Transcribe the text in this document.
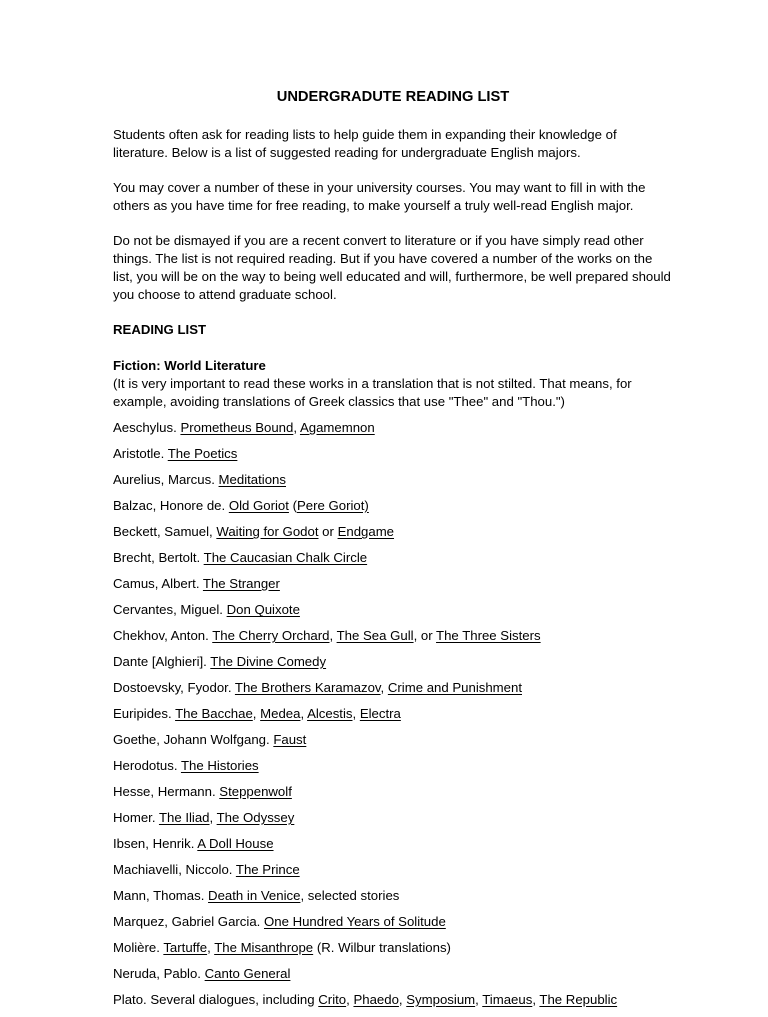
UNDERGRADUTE READING LIST
Students often ask for reading lists to help guide them in expanding their knowledge of literature. Below is a list of suggested reading for undergraduate English majors.
You may cover a number of these in your university courses. You may want to fill in with the others as you have time for free reading, to make yourself a truly well-read English major.
Do not be dismayed if you are a recent convert to literature or if you have simply read other things. The list is not required reading. But if you have covered a number of the works on the list, you will be on the way to being well educated and will, furthermore, be well prepared should you choose to attend graduate school.
READING LIST
Fiction: World Literature
(It is very important to read these works in a translation that is not stilted. That means, for example, avoiding translations of Greek classics that use "Thee" and "Thou.")
Aeschylus. Prometheus Bound, Agamemnon
Aristotle. The Poetics
Aurelius, Marcus. Meditations
Balzac, Honore de. Old Goriot (Pere Goriot)
Beckett, Samuel, Waiting for Godot or Endgame
Brecht, Bertolt. The Caucasian Chalk Circle
Camus, Albert. The Stranger
Cervantes, Miguel. Don Quixote
Chekhov, Anton. The Cherry Orchard, The Sea Gull, or The Three Sisters
Dante [Alghieri]. The Divine Comedy
Dostoevsky, Fyodor. The Brothers Karamazov, Crime and Punishment
Euripides. The Bacchae, Medea, Alcestis, Electra
Goethe, Johann Wolfgang. Faust
Herodotus. The Histories
Hesse, Hermann. Steppenwolf
Homer. The Iliad, The Odyssey
Ibsen, Henrik. A Doll House
Machiavelli, Niccolo. The Prince
Mann, Thomas. Death in Venice, selected stories
Marquez, Gabriel Garcia. One Hundred Years of Solitude
Molière. Tartuffe, The Misanthrope (R. Wilbur translations)
Neruda, Pablo. Canto General
Plato. Several dialogues, including Crito, Phaedo, Symposium, Timaeus, The Republic
